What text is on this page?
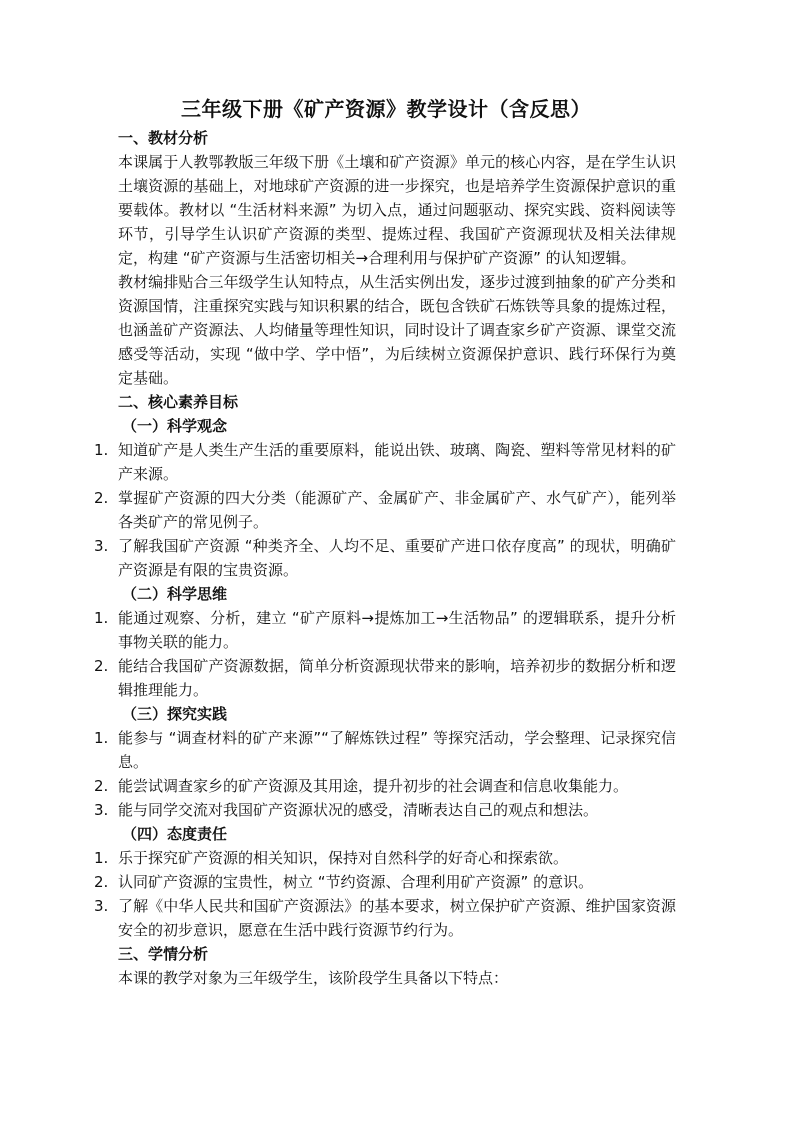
三年级下册《矿产资源》教学设计（含反思）

一、教材分析

本课属于人教鄂教版三年级下册《土壤和矿产资源》单元的核心内容，是在学生认识土壤资源的基础上，对地球矿产资源的进一步探究，也是培养学生资源保护意识的重要载体。教材以 “生活材料来源” 为切入点，通过问题驱动、探究实践、资料阅读等环节，引导学生认识矿产资源的类型、提炼过程、我国矿产资源现状及相关法律规定，构建 “矿产资源与生活密切相关→合理利用与保护矿产资源” 的认知逻辑。

教材编排贴合三年级学生认知特点，从生活实例出发，逐步过渡到抽象的矿产分类和资源国情，注重探究实践与知识积累的结合，既包含铁矿石炼铁等具象的提炼过程，也涵盖矿产资源法、人均储量等理性知识，同时设计了调查家乡矿产资源、课堂交流感受等活动，实现 “做中学、学中悟”，为后续树立资源保护意识、践行环保行为奠定基础。

二、核心素养目标

（一）科学观念

1. 知道矿产是人类生产生活的重要原料，能说出铁、玻璃、陶瓷、塑料等常见材料的矿产来源。
2. 掌握矿产资源的四大分类（能源矿产、金属矿产、非金属矿产、水气矿产），能列举各类矿产的常见例子。
3. 了解我国矿产资源 “种类齐全、人均不足、重要矿产进口依存度高” 的现状，明确矿产资源是有限的宝贵资源。

（二）科学思维

1. 能通过观察、分析，建立 “矿产原料→提炼加工→生活物品” 的逻辑联系，提升分析事物关联的能力。
2. 能结合我国矿产资源数据，简单分析资源现状带来的影响，培养初步的数据分析和逻辑推理能力。

（三）探究实践

1. 能参与 “调查材料的矿产来源”“了解炼铁过程” 等探究活动，学会整理、记录探究信息。
2. 能尝试调查家乡的矿产资源及其用途，提升初步的社会调查和信息收集能力。
3. 能与同学交流对我国矿产资源状况的感受，清晰表达自己的观点和想法。

（四）态度责任

1. 乐于探究矿产资源的相关知识，保持对自然科学的好奇心和探索欲。
2. 认同矿产资源的宝贵性，树立 “节约资源、合理利用矿产资源” 的意识。
3. 了解《中华人民共和国矿产资源法》的基本要求，树立保护矿产资源、维护国家资源安全的初步意识，愿意在生活中践行资源节约行为。

三、学情分析

本课的教学对象为三年级学生，该阶段学生具备以下特点：
